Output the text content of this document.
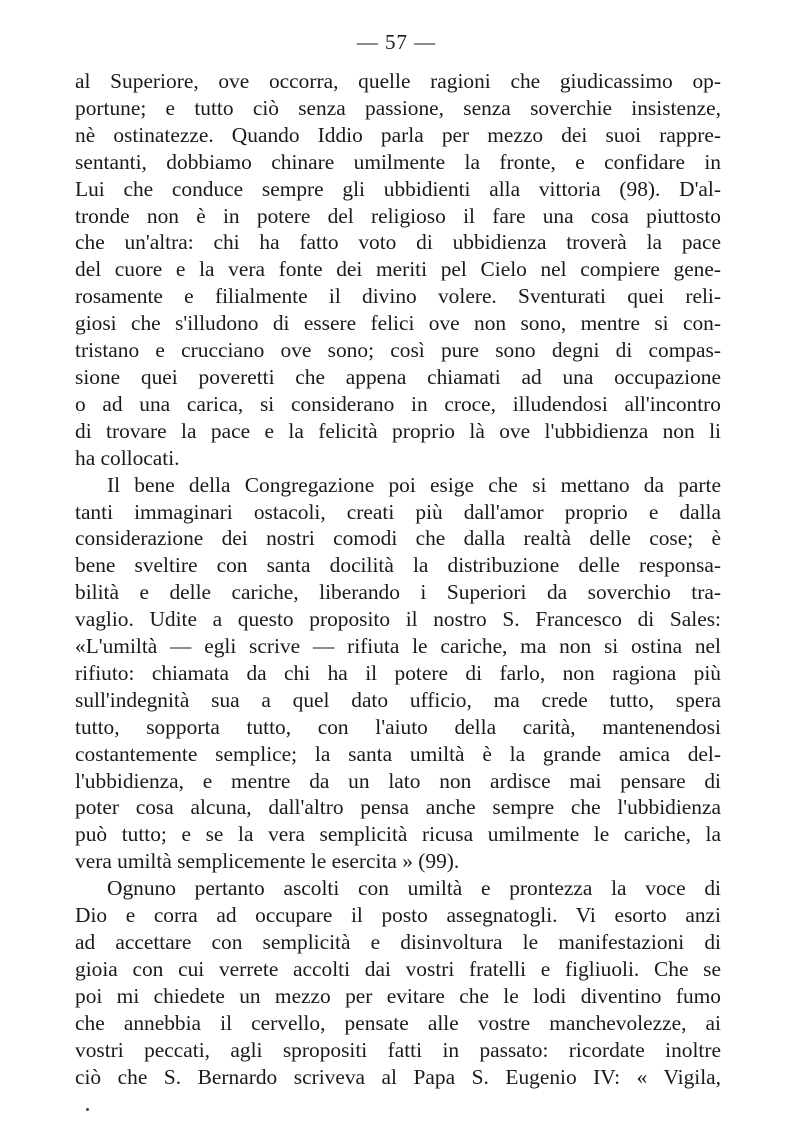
— 57 —
al Superiore, ove occorra, quelle ragioni che giudicassimo op-
portune; e tutto ciò senza passione, senza soverchie insistenze,
nè ostinatezze. Quando Iddio parla per mezzo dei suoi rappre-
sentanti, dobbiamo chinare umilmente la fronte, e confidare in
Lui che conduce sempre gli ubbidienti alla vittoria (98). D'al-
tronde non è in potere del religioso il fare una cosa piuttosto
che un'altra: chi ha fatto voto di ubbidienza troverà la pace
del cuore e la vera fonte dei meriti pel Cielo nel compiere gene-
rosamente e filialmente il divino volere. Sventurati quei reli-
giosi che s'illudono di essere felici ove non sono, mentre si con-
tristano e crucciano ove sono; così pure sono degni di compas-
sione quei poveretti che appena chiamati ad una occupazione
o ad una carica, si considerano in croce, illudendosi all'incontro
di trovare la pace e la felicità proprio là ove l'ubbidienza non li
ha collocati.
Il bene della Congregazione poi esige che si mettano da parte
tanti immaginari ostacoli, creati più dall'amor proprio e dalla
considerazione dei nostri comodi che dalla realtà delle cose; è
bene sveltire con santa docilità la distribuzione delle responsa-
bilità e delle cariche, liberando i Superiori da soverchio tra-
vaglio. Udite a questo proposito il nostro S. Francesco di Sales:
«L'umiltà — egli scrive — rifiuta le cariche, ma non si ostina nel
rifiuto: chiamata da chi ha il potere di farlo, non ragiona più
sull'indegnità sua a quel dato ufficio, ma crede tutto, spera
tutto, sopporta tutto, con l'aiuto della carità, mantenendosi
costantemente semplice; la santa umiltà è la grande amica del-
l'ubbidienza, e mentre da un lato non ardisce mai pensare di
poter cosa alcuna, dall'altro pensa anche sempre che l'ubbidienza
può tutto; e se la vera semplicità ricusa umilmente le cariche, la
vera umiltà semplicemente le esercita » (99).
Ognuno pertanto ascolti con umiltà e prontezza la voce di
Dio e corra ad occupare il posto assegnatogli. Vi esorto anzi
ad accettare con semplicità e disinvoltura le manifestazioni di
gioia con cui verrete accolti dai vostri fratelli e figliuoli. Che se
poi mi chiedete un mezzo per evitare che le lodi diventino fumo
che annebbia il cervello, pensate alle vostre manchevolezze, ai
vostri peccati, agli spropositi fatti in passato: ricordate inoltre
ciò che S. Bernardo scriveva al Papa S. Eugenio IV: « Vigila,
